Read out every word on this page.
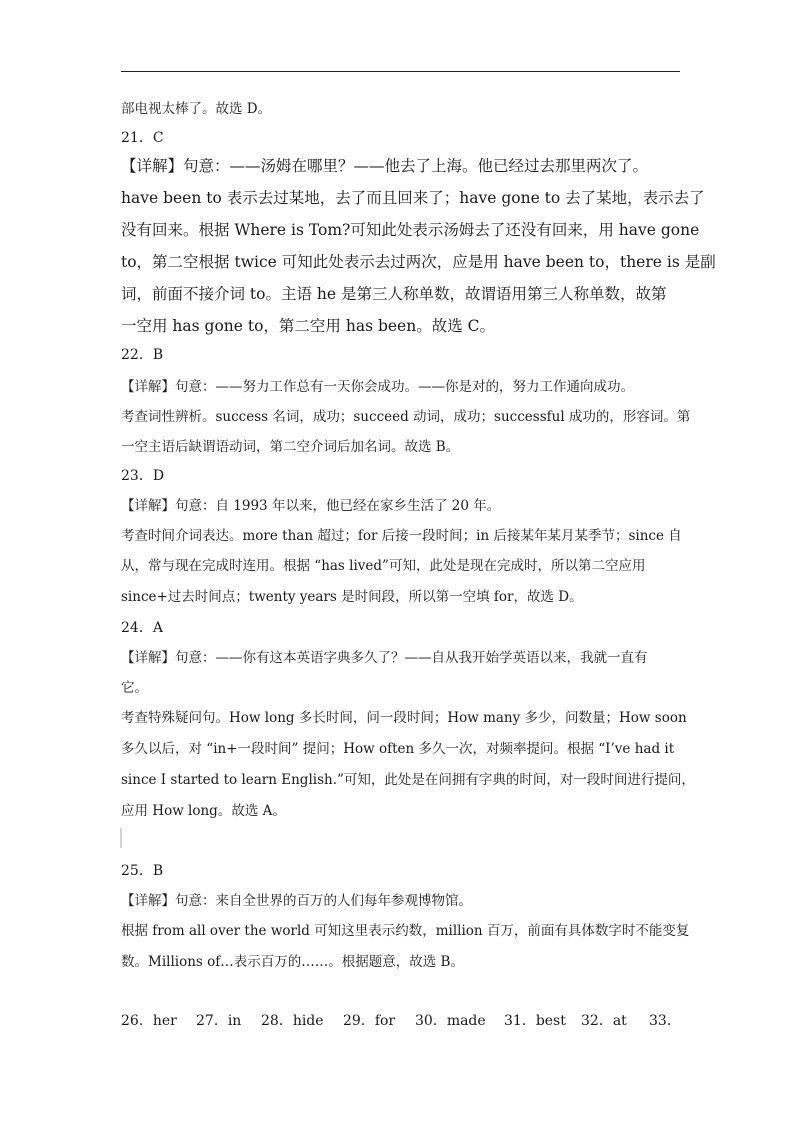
部电视太棒了。故选 D。
21．C
【详解】句意：——汤姆在哪里？——他去了上海。他已经过去那里两次了。
have been to 表示去过某地，去了而且回来了；have gone to 去了某地，表示去了
没有回来。根据 Where is Tom?可知此处表示汤姆去了还没有回来，用 have gone
to，第二空根据 twice 可知此处表示去过两次，应是用 have been to，there is 是副
词，前面不接介词 to。主语 he 是第三人称单数，故谓语用第三人称单数，故第
一空用 has gone to，第二空用 has been。故选 C。
22．B
【详解】句意：——努力工作总有一天你会成功。——你是对的，努力工作通向成功。
考查词性辨析。success 名词，成功；succeed 动词，成功；successful 成功的，形容词。第
一空主语后缺谓语动词，第二空介词后加名词。故选 B。
23．D
【详解】句意：自 1993 年以来，他已经在家乡生活了 20 年。
考查时间介词表达。more than 超过；for 后接一段时间；in 后接某年某月某季节；since 自
从，常与现在完成时连用。根据 “has lived”可知，此处是现在完成时，所以第二空应用
since+过去时间点；twenty years 是时间段，所以第一空填 for，故选 D。
24．A
【详解】句意：——你有这本英语字典多久了？——自从我开始学英语以来，我就一直有
它。
考查特殊疑问句。How long 多长时间，问一段时间；How many 多少，问数量；How soon
多久以后，对 “in+一段时间” 提问；How often 多久一次，对频率提问。根据 “I’ve had it
since I started to learn English.”可知，此处是在问拥有字典的时间，对一段时间进行提问，
应用 How long。故选 A。
25．B
【详解】句意：来自全世界的百万的人们每年参观博物馆。
根据 from all over the world 可知这里表示约数，million 百万，前面有具体数字时不能变复
数。Millions of…表示百万的……。根据题意，故选 B。
26．her 27．in 28．hide 29．for 30．made 31．best 32．at 33．
